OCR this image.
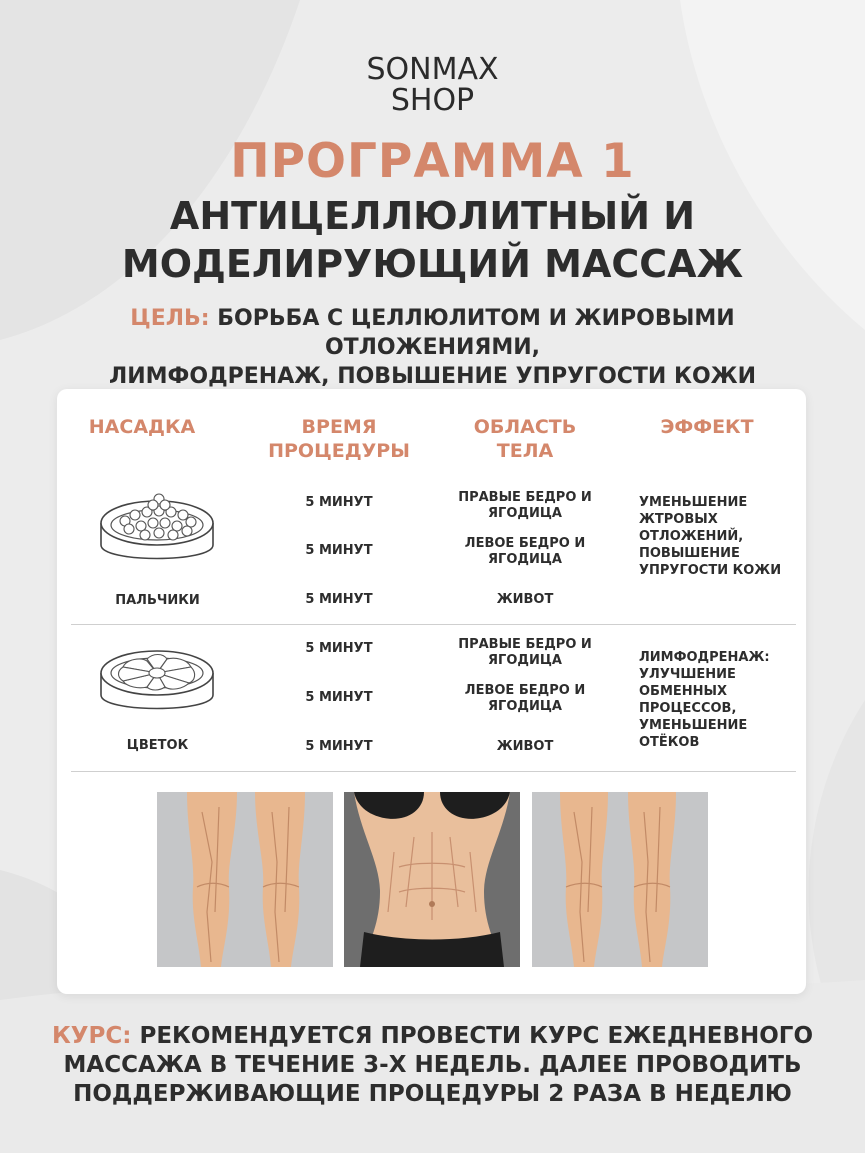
SONMAX
SHOP
ПРОГРАММА 1
АНТИЦЕЛЛЮЛИТНЫЙ И
МОДЕЛИРУЮЩИЙ МАССАЖ
ЦЕЛЬ: БОРЬБА С ЦЕЛЛЮЛИТОМ И ЖИРОВЫМИ ОТЛОЖЕНИЯМИ,
ЛИМФОДРЕНАЖ, ПОВЫШЕНИЕ УПРУГОСТИ КОЖИ
НАСАДКА	ВРЕМЯ
ПРОЦЕДУРЫ
ОБЛАСТЬ
ТЕЛА
ЭФФЕКТ
ПАЛЬЧИКИ
5 МИНУТ
5 МИНУТ
5 МИНУТ
ПРАВЫЕ БЕДРО И
ЯГОДИЦА
ЛЕВОЕ БЕДРО И
ЯГОДИЦА
ЖИВОТ
УМЕНЬШЕНИЕ
ЖТРОВЫХ
ОТЛОЖЕНИЙ,
ПОВЫШЕНИЕ
УПРУГОСТИ КОЖИ
ЦВЕТОК
5 МИНУТ
5 МИНУТ
5 МИНУТ
ПРАВЫЕ БЕДРО И
ЯГОДИЦА
ЛЕВОЕ БЕДРО И
ЯГОДИЦА
ЖИВОТ
ЛИМФОДРЕНАЖ:
УЛУЧШЕНИЕ
ОБМЕННЫХ
ПРОЦЕССОВ,
УМЕНЬШЕНИЕ
ОТЁКОВ
КУРС: РЕКОМЕНДУЕТСЯ ПРОВЕСТИ КУРС ЕЖЕДНЕВНОГО
МАССАЖА В ТЕЧЕНИЕ 3-Х НЕДЕЛЬ. ДАЛЕЕ ПРОВОДИТЬ
ПОДДЕРЖИВАЮЩИЕ ПРОЦЕДУРЫ 2 РАЗА В НЕДЕЛЮ
